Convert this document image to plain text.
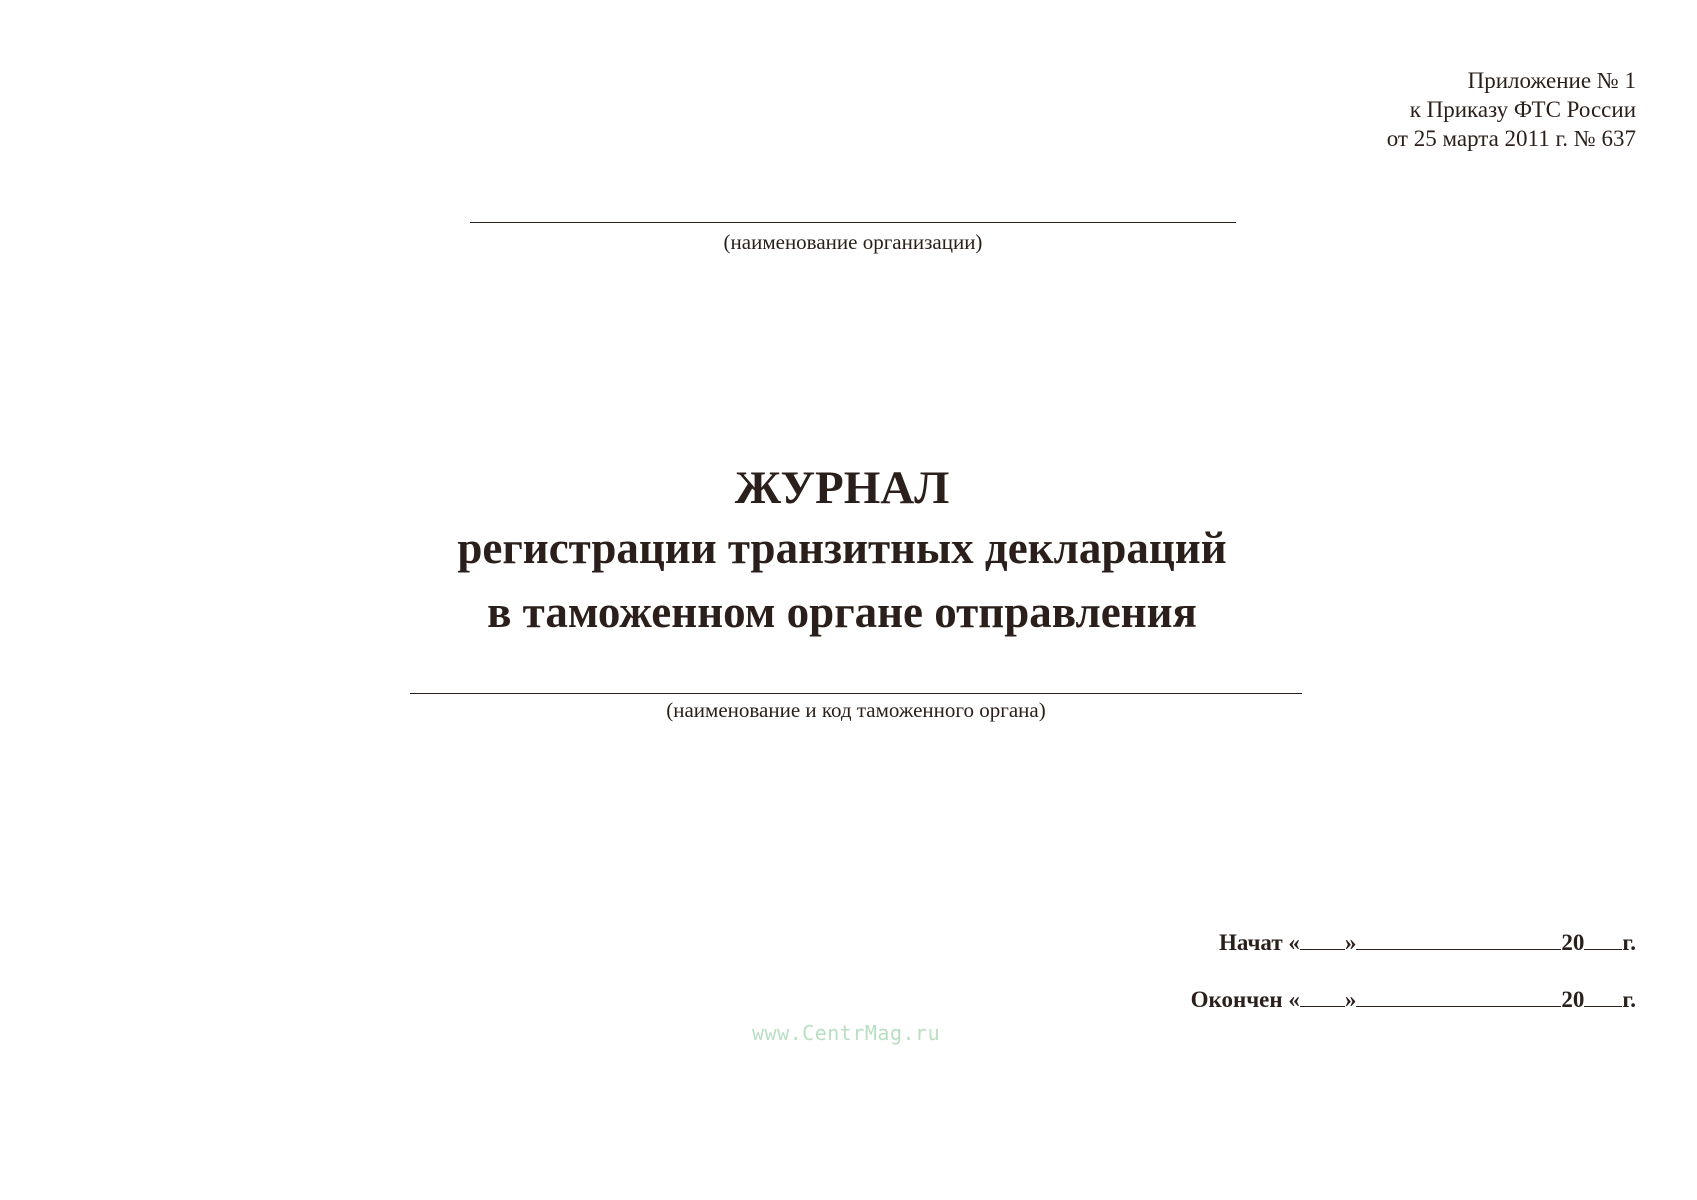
Приложение № 1
к Приказу ФТС России
от 25 марта 2011 г. № 637
(наименование организации)
ЖУРНАЛ
регистрации транзитных деклараций
в таможенном органе отправления
(наименование и код таможенного органа)
Начат « »	20 г.
Окончен « »	20 г.
www.CentrMag.ru
